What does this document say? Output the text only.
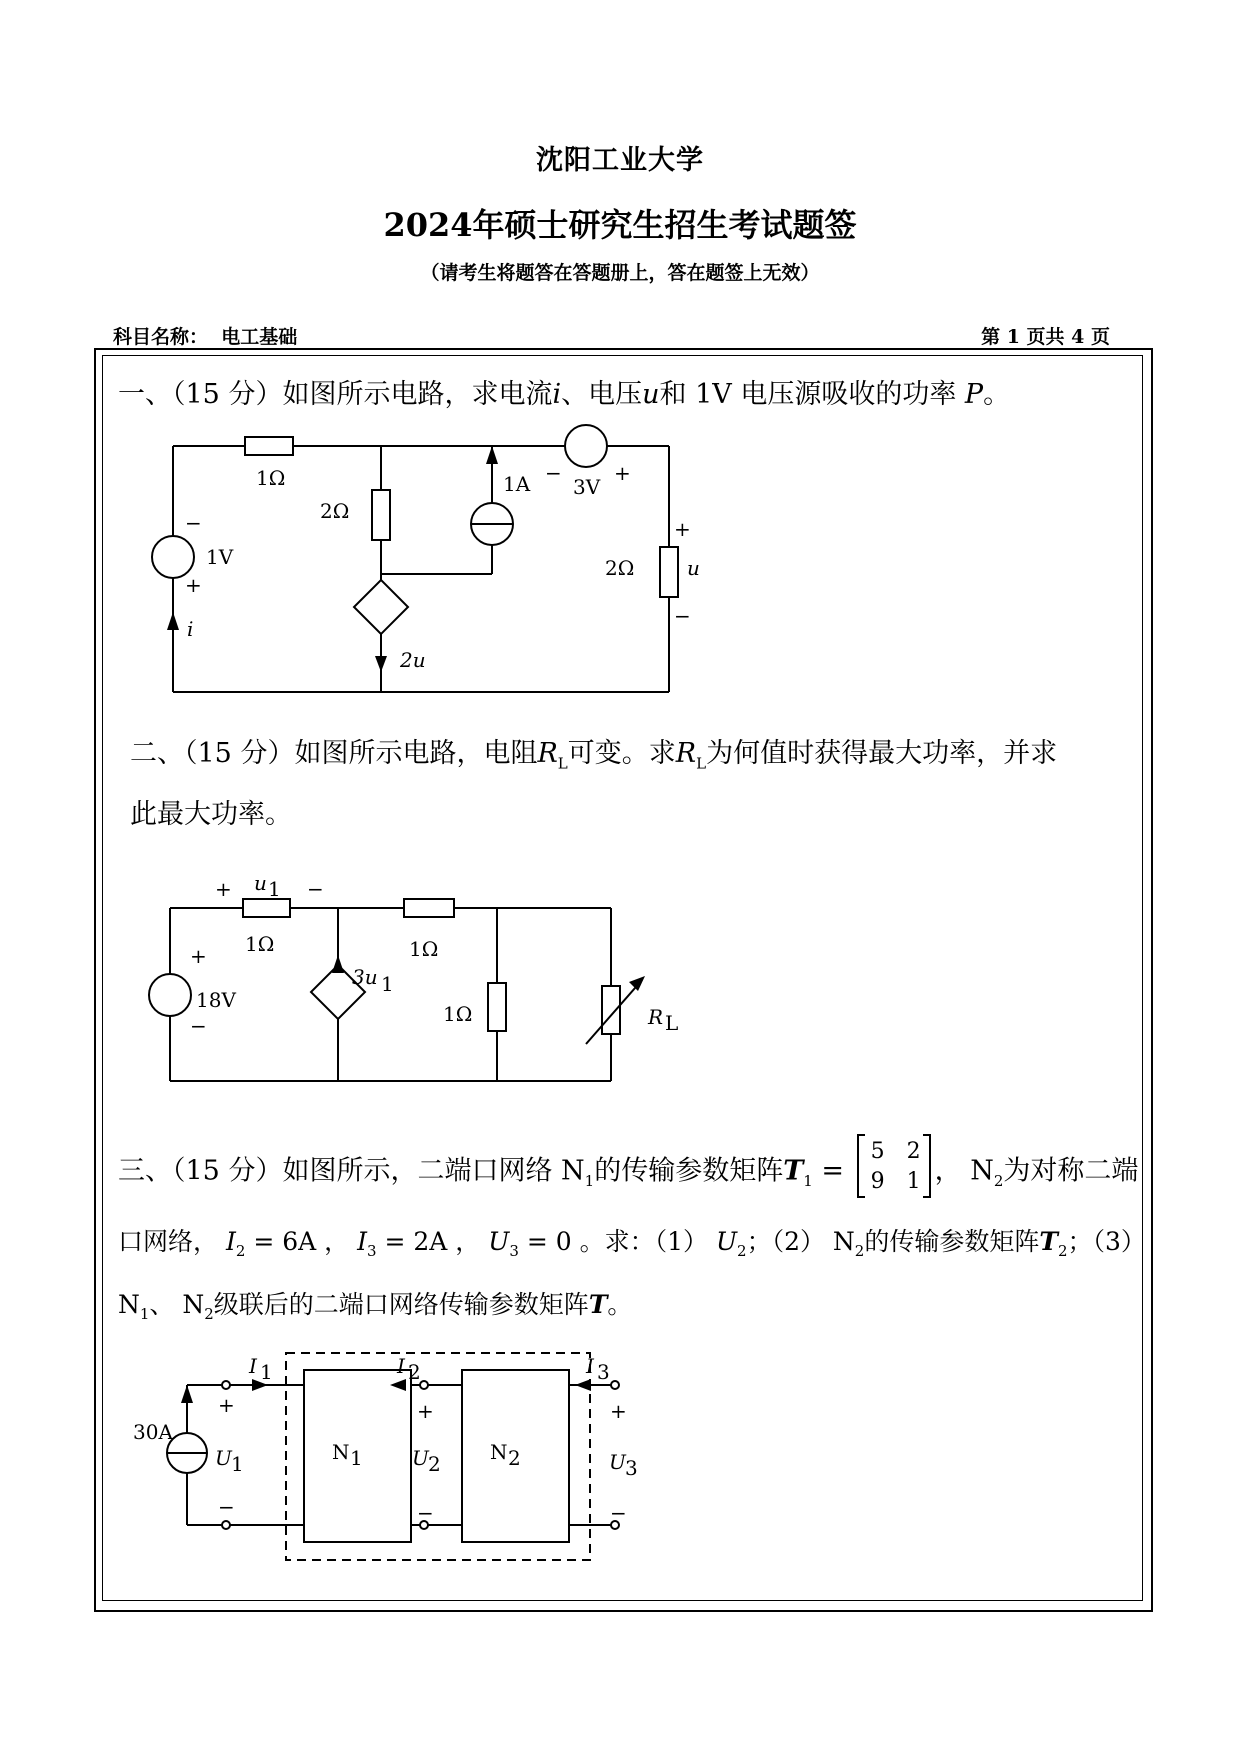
沈阳工业大学
2024年硕士研究生招生考试题签
（请考生将题答在答题册上，答在题签上无效）
科目名称： 电工基础	第 1 页共 4 页
一、（15 分）如图所示电路，求电流i、电压u和 1V 电压源吸收的功率 P。
二、（15 分）如图所示电路，电阻$R_L$可变。求$R_L$为何值时获得最大功率，并求
此最大功率。
三、（15 分）如图所示，二端口网络 $N_1$的传输参数矩阵$T_1$ =
5 2
9 1 ， $N_2$为对称二端
口网络， $I_2 = 6A$ ， $I_3 = 2A$ ， $U_3 = 0$ 。求：（1） $U_2$；（2） $N_2$的传输参数矩阵$T_2$；（3）
$N_1$、 $N_2$级联后的二端口网络传输参数矩阵T。
1Ω
2Ω
2Ω
1V
1A 3V
2u
i
u
−
+
−	+
+
−
u 1
1Ω	1Ω
1Ω
18V
3u 1
R L
+	−
+
−
30A
U 1
I 1	I 2	I 3
N 1	N 2
U 2	U 3
+
−
+
−
+
−
